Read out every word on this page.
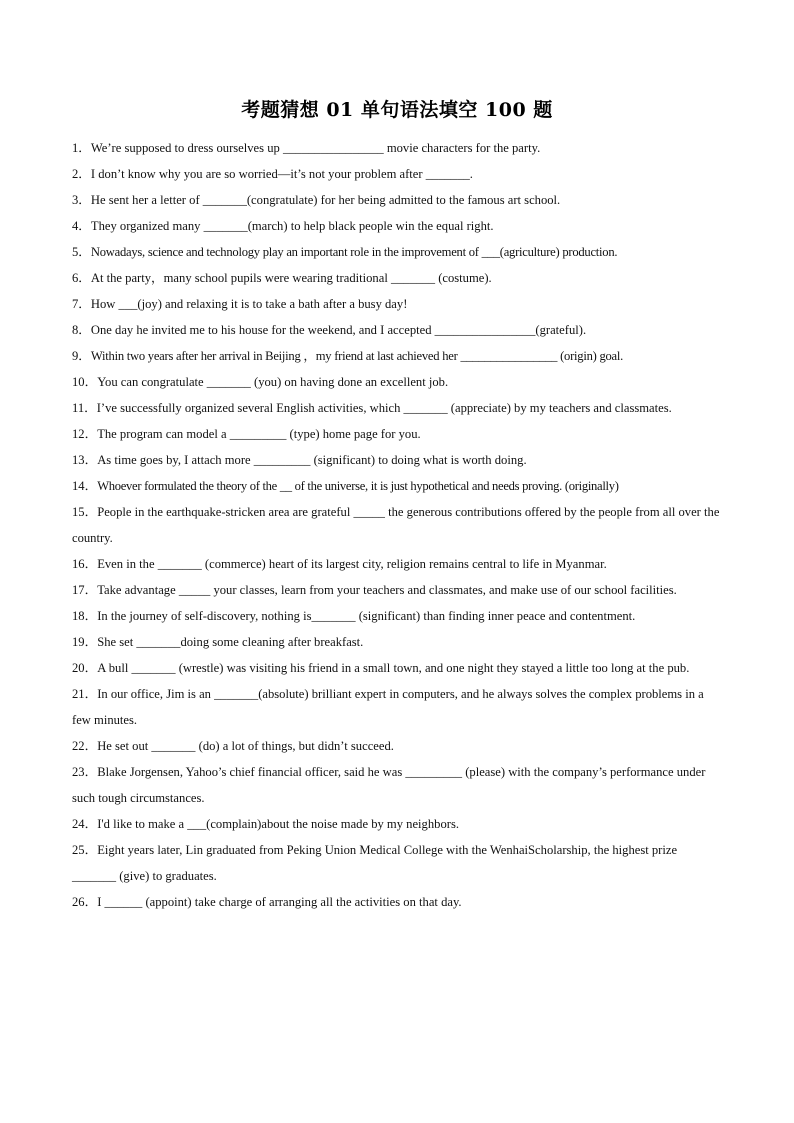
考题猜想 01 单句语法填空 100 题

1．We’re supposed to dress ourselves up ________________ movie characters for the party.

2．I don’t know why you are so worried—it’s not your problem after _______.

3．He sent her a letter of _______(congratulate) for her being admitted to the famous art school.

4．They organized many _______(march) to help black people win the equal right.

5．Nowadays, science and technology play an important role in the improvement of ___(agriculture) production.

6．At the party，many school pupils were wearing traditional _______ (costume).

7．How ___(joy) and relaxing it is to take a bath after a busy day!

8．One day he invited me to his house for the weekend, and I accepted ________________(grateful).

9．Within two years after her arrival in Beijing ，my friend at last achieved her ________________ (origin) goal.

10．You can congratulate _______ (you) on having done an excellent job.

11．I’ve successfully organized several English activities, which _______ (appreciate) by my teachers and classmates.

12．The program can model a _________ (type) home page for you.

13．As time goes by, I attach more _________ (significant) to doing what is worth doing.

14．Whoever formulated the theory of the __ of the universe, it is just hypothetical and needs proving. (originally)

15．People in the earthquake-stricken area are grateful _____ the generous contributions offered by the people from all over the country.

16．Even in the _______ (commerce) heart of its largest city, religion remains central to life in Myanmar.

17．Take advantage _____ your classes, learn from your teachers and classmates, and make use of our school facilities.

18．In the journey of self-discovery, nothing is_______ (significant) than finding inner peace and contentment.

19．She set _______doing some cleaning after breakfast.

20．A bull _______ (wrestle) was visiting his friend in a small town, and one night they stayed a little too long at the pub.

21．In our office, Jim is an _______(absolute) brilliant expert in computers, and he always solves the complex problems in a few minutes.

22．He set out _______ (do) a lot of things, but didn’t succeed.

23．Blake Jorgensen, Yahoo’s chief financial officer, said he was _________ (please) with the company’s performance under such tough circumstances.

24．I'd like to make a ___(complain)about the noise made by my neighbors.

25．Eight years later, Lin graduated from Peking Union Medical College with the WenhaiScholarship, the highest prize _______ (give) to graduates.

26．I ______ (appoint) take charge of arranging all the activities on that day.
